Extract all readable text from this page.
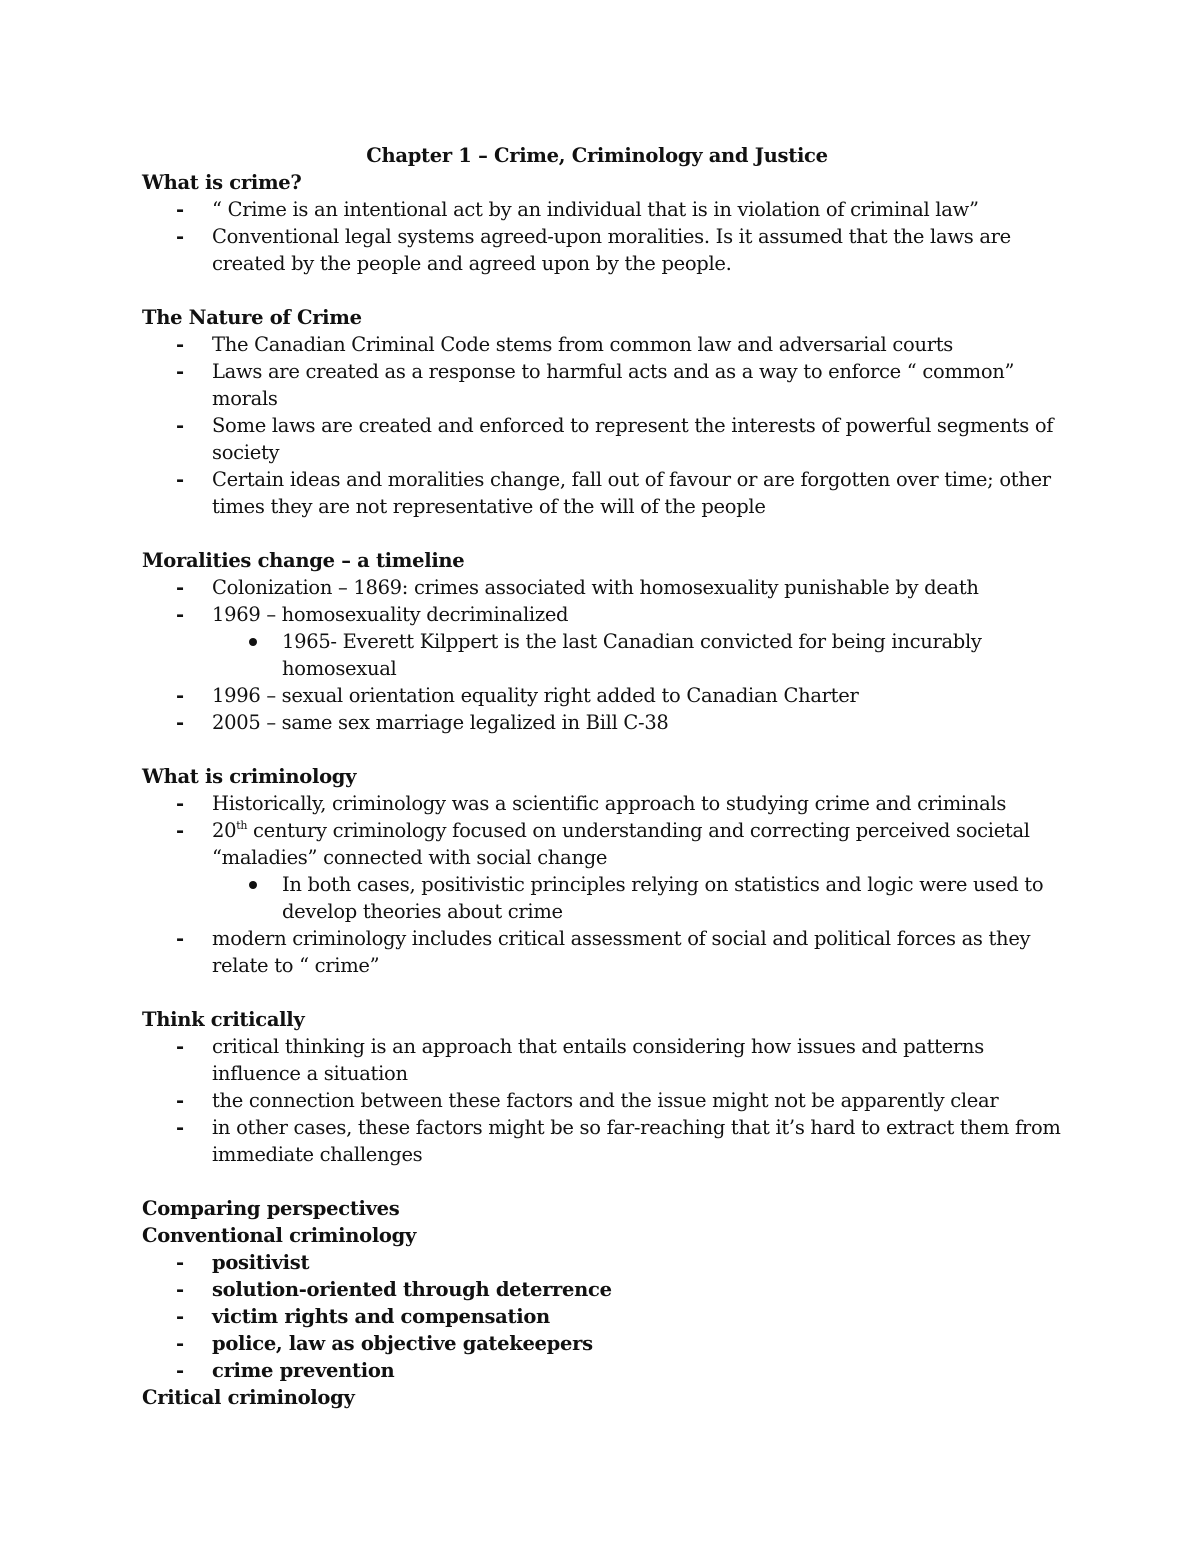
Chapter 1 – Crime, Criminology and Justice

What is crime?

- “ Crime is an intentional act by an individual that is in violation of criminal law”
- Conventional legal systems agreed-upon moralities. Is it assumed that the laws are created by the people and agreed upon by the people.

The Nature of Crime

- The Canadian Criminal Code stems from common law and adversarial courts
- Laws are created as a response to harmful acts and as a way to enforce “ common” morals
- Some laws are created and enforced to represent the interests of powerful segments of society
- Certain ideas and moralities change, fall out of favour or are forgotten over time; other times they are not representative of the will of the people

Moralities change – a timeline

- Colonization – 1869: crimes associated with homosexuality punishable by death
- 1969 – homosexuality decriminalized
1965- Everett Kilppert is the last Canadian convicted for being incurably homosexual
- 1996 – sexual orientation equality right added to Canadian Charter
- 2005 – same sex marriage legalized in Bill C-38

What is criminology

- Historically, criminology was a scientific approach to studying crime and criminals
- 20th century criminology focused on understanding and correcting perceived societal “maladies” connected with social change
In both cases, positivistic principles relying on statistics and logic were used to develop theories about crime
- modern criminology includes critical assessment of social and political forces as they relate to “ crime”

Think critically

- critical thinking is an approach that entails considering how issues and patterns influence a situation
- the connection between these factors and the issue might not be apparently clear
- in other cases, these factors might be so far-reaching that it’s hard to extract them from immediate challenges

Comparing perspectives

Conventional criminology

- positivist
- solution-oriented through deterrence
- victim rights and compensation
- police, law as objective gatekeepers
- crime prevention

Critical criminology
